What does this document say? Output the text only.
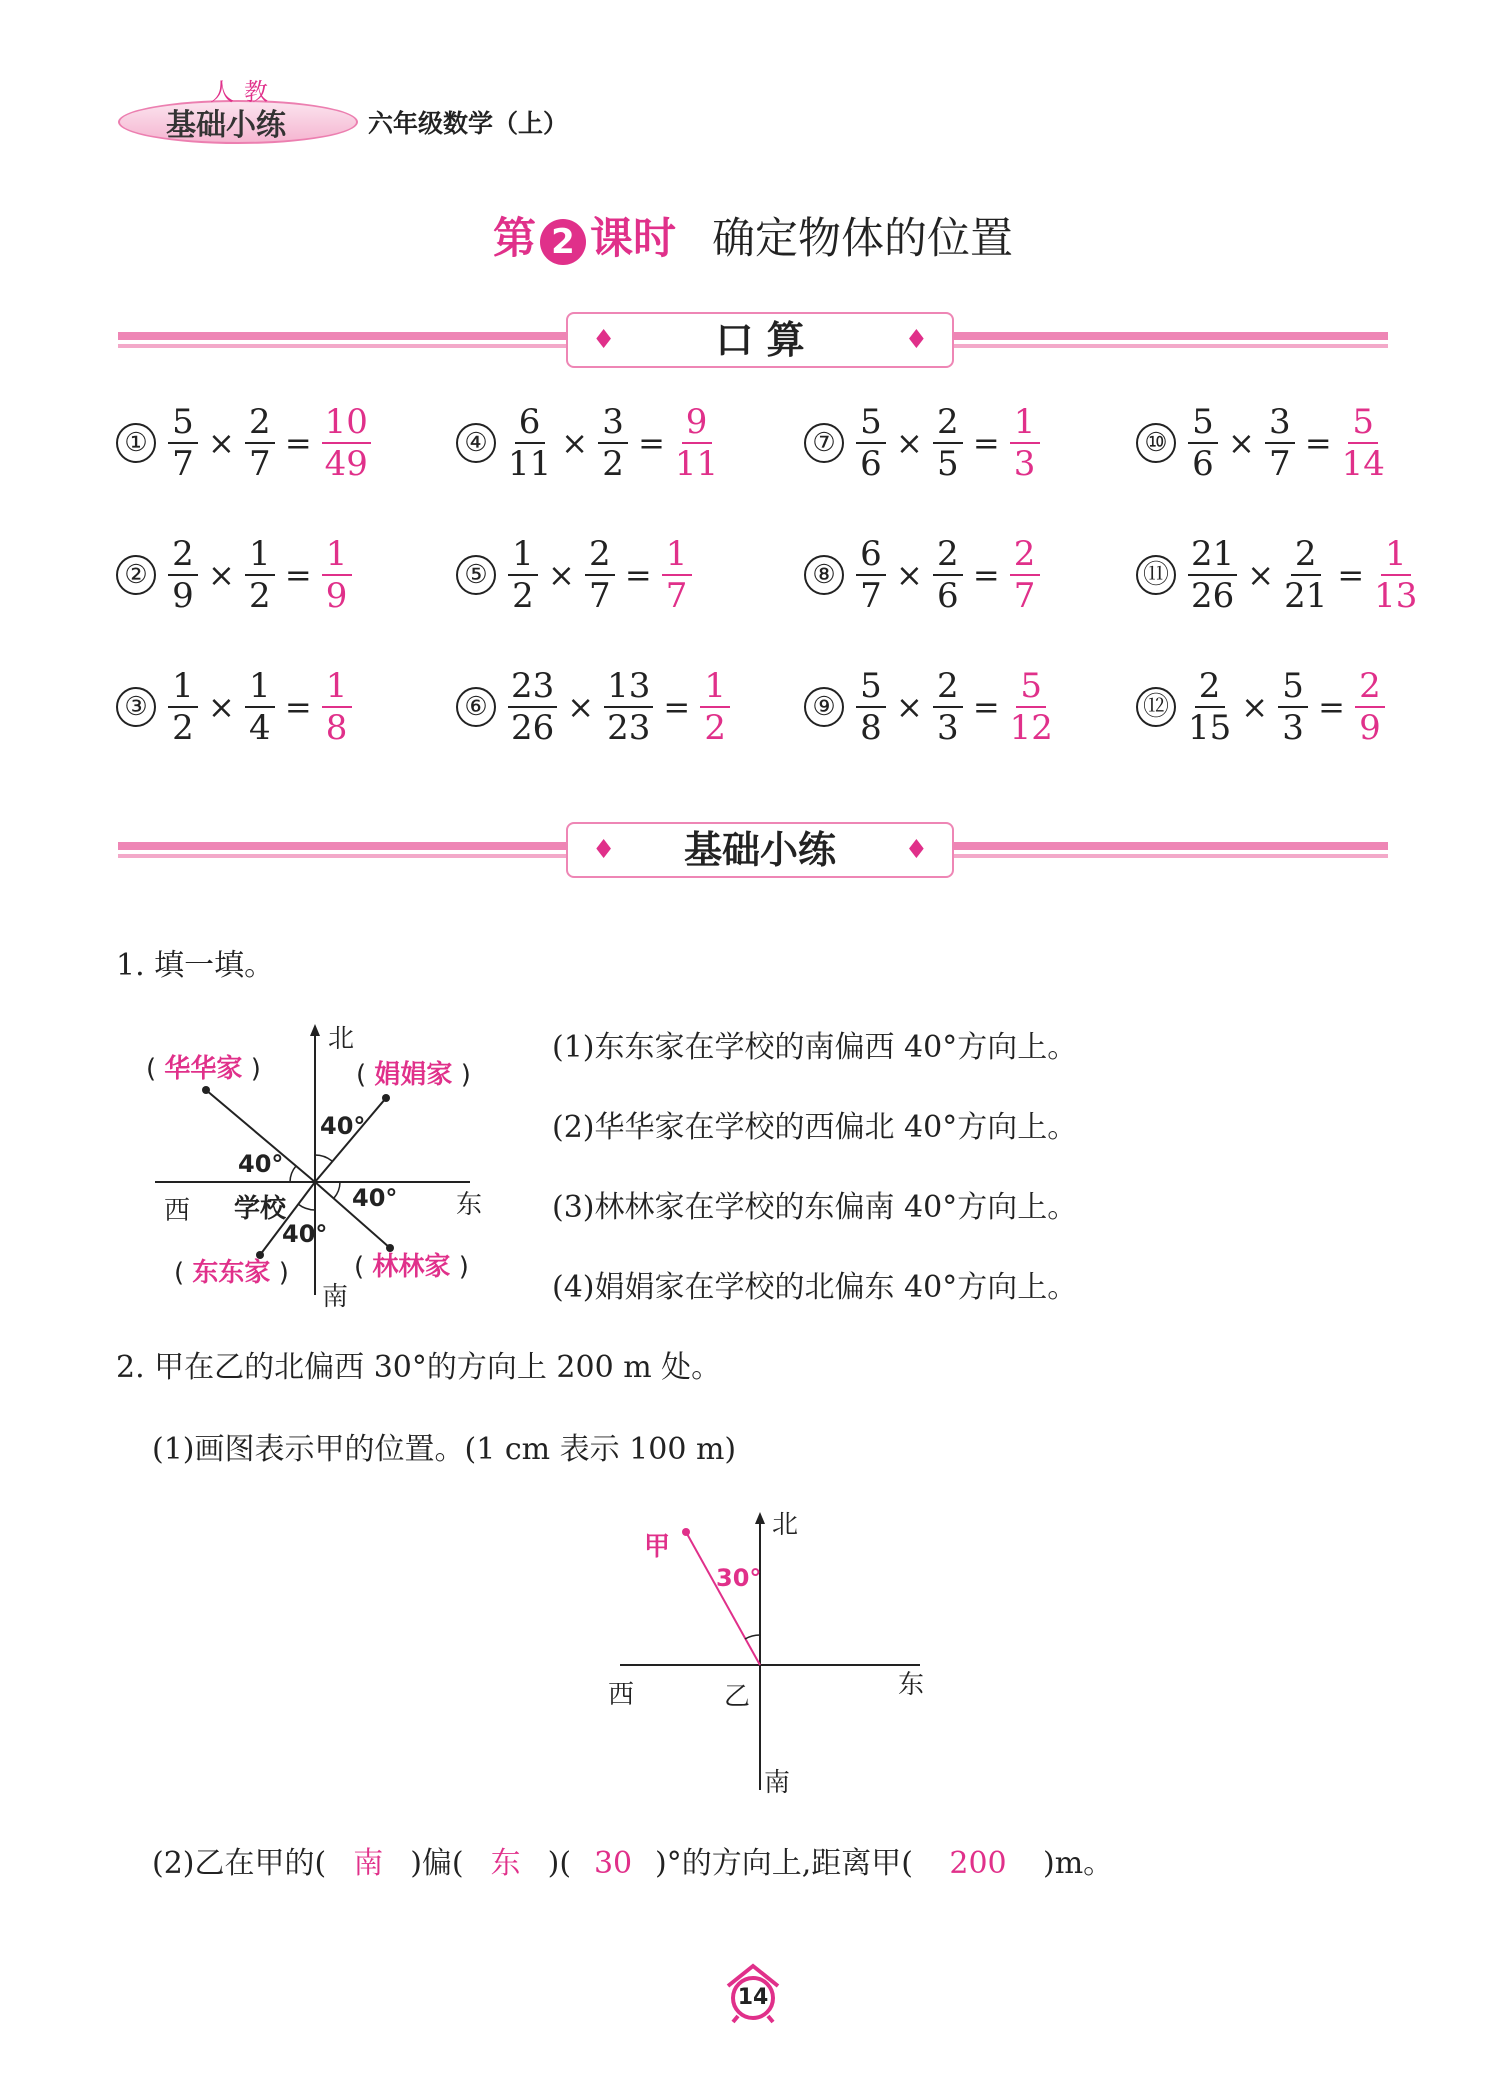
人教
基础小练	六年级数学（上）
第 2 课时 确定物体的位置
♦	口 算	♦
① $\frac{5}{7} \times \frac{2}{7} = \frac{10}{49}$
② $\frac{2}{9} \times \frac{1}{2} = \frac{1}{9}$
③ $\frac{1}{2} \times \frac{1}{4} = \frac{1}{8}$
④ $\frac{6}{11} \times \frac{3}{2} = \frac{9}{11}$
⑤ $\frac{1}{2} \times \frac{2}{7} = \frac{1}{7}$
⑥ $\frac{23}{26} \times \frac{13}{23} = \frac{1}{2}$
⑦ $\frac{5}{6} \times \frac{2}{5} = \frac{1}{3}$
⑧ $\frac{6}{7} \times \frac{2}{6} = \frac{2}{7}$
⑨ $\frac{5}{8} \times \frac{2}{3} = \frac{5}{12}$
⑩ $\frac{5}{6} \times \frac{3}{7} = \frac{5}{14}$
⑪ $\frac{21}{26} \times \frac{2}{21} = \frac{1}{13}$
⑫ $\frac{2}{15} \times \frac{5}{3} = \frac{2}{9}$
♦ 基础小练	♦
1. 填一填。
北
南
东
西 学校
40°
40°
40°
40°
( 华华家 )	( 娟娟家 )
( 东东家 )	( 林林家 )
(1)东东家在学校的南偏西 40°方向上。
(2)华华家在学校的西偏北 40°方向上。
(3)林林家在学校的东偏南 40°方向上。
(4)娟娟家在学校的北偏东 40°方向上。
2. 甲在乙的北偏西 30°的方向上 200 m 处。
(1)画图表示甲的位置。(1 cm 表示 100 m)
北
南
东
西	乙
甲
30°
(2)乙在甲的( 南 )偏( 东 )( 30 )°的方向上,距离甲( 200 )m。
14
